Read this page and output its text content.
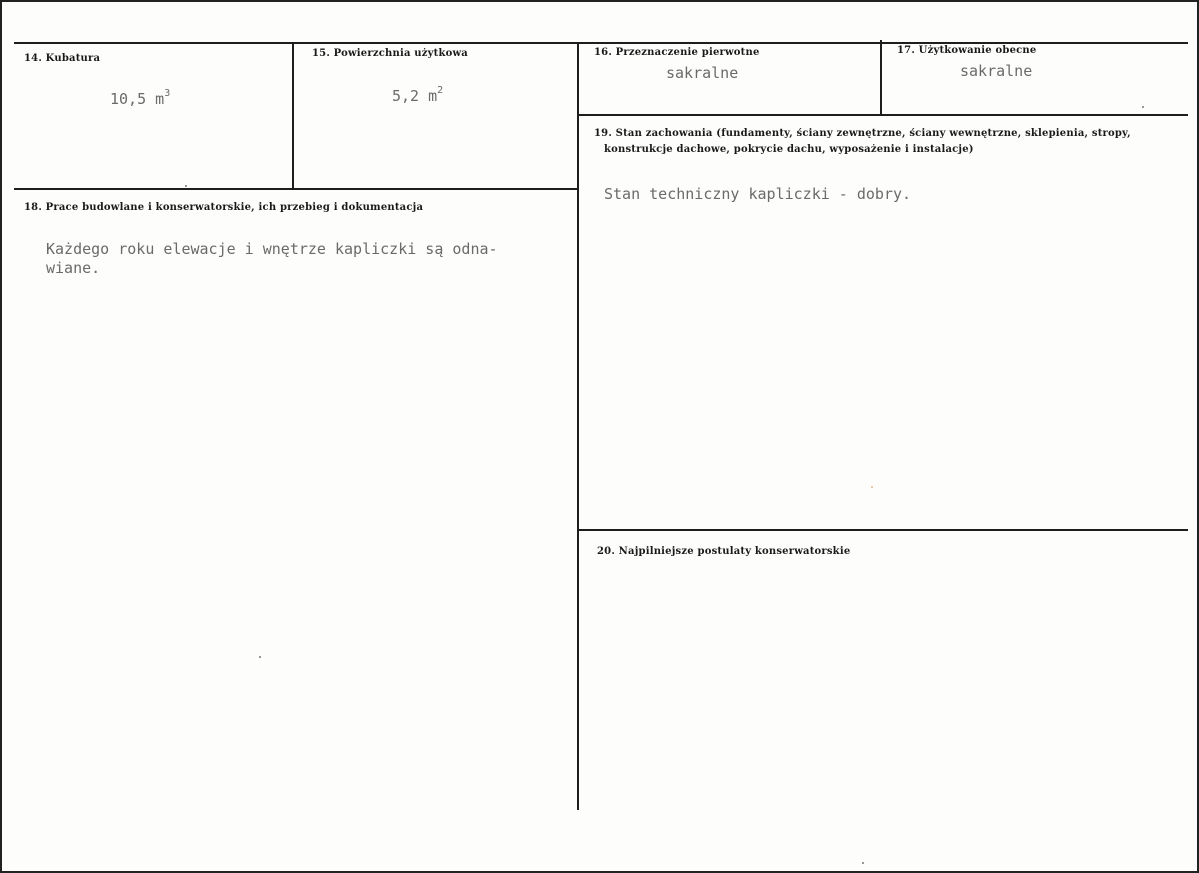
14. Kubatura
10,5 $m^3$
15. Powierzchnia użytkowa
5,2 $m^2$
16. Przeznaczenie pierwotne
sakralne
17. Użytkowanie obecne
sakralne
19. Stan zachowania (fundamenty, ściany zewnętrzne, ściany wewnętrzne, sklepienia, stropy,
konstrukcje dachowe, pokrycie dachu, wyposażenie i instalacje)
Stan techniczny kapliczki - dobry.
18. Prace budowlane i konserwatorskie, ich przebieg i dokumentacja
Każdego roku elewacje i wnętrze kapliczki są odna-
wiane.
20. Najpilniejsze postulaty konserwatorskie
